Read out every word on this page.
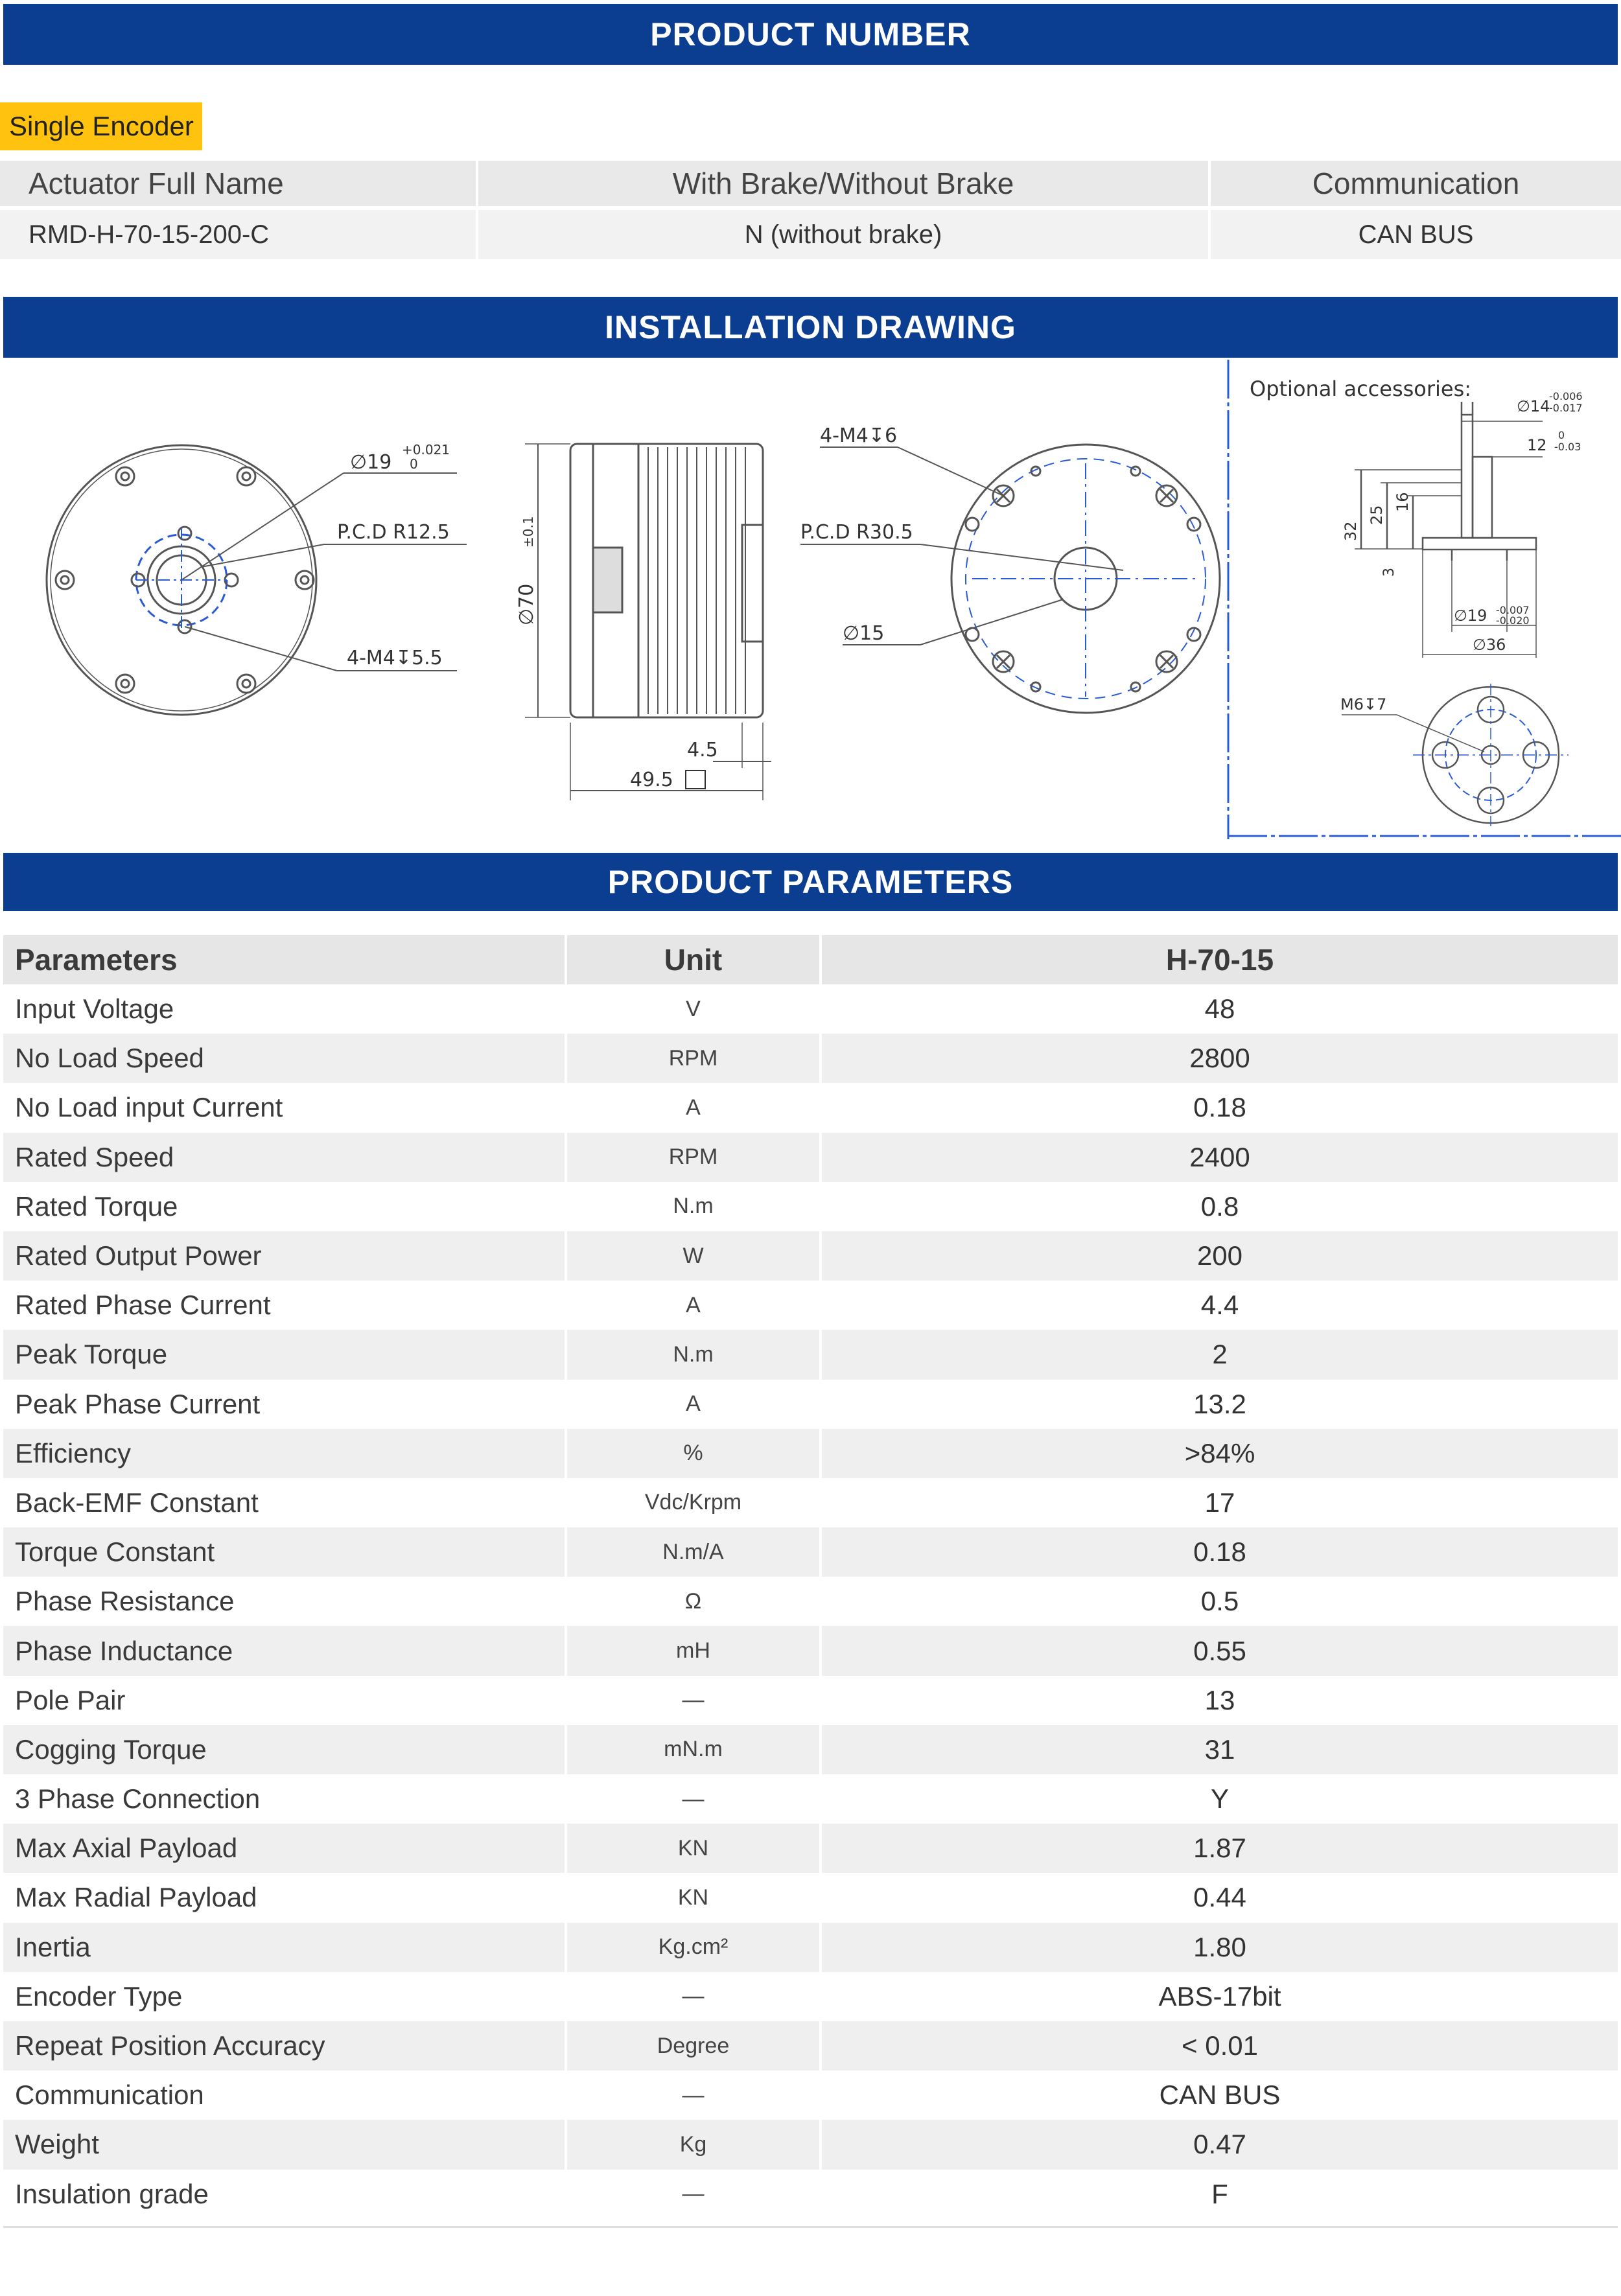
PRODUCT NUMBER
Single Encoder
Actuator Full Name	With Brake/Without Brake	Communication
RMD-H-70-15-200-C	N (without brake)	CAN BUS
INSTALLATION DRAWING
∅19
+0.021
0
P.C.D R12.5
4-M4↧5.5
∅70
±0.1
4.5
49.5
4-M4↧6
P.C.D R30.5
∅15
Optional accessories:
∅14
-0.006
-0.017
12
0
-0.03
32
25
16
3
∅19 -0.007
-0.020
∅36
M6↧7
PRODUCT PARAMETERS
Parameters	Unit	H-70-15
Input Voltage	V	48
No Load Speed	RPM	2800
No Load input Current	A	0.18
Rated Speed	RPM	2400
Rated Torque	N.m	0.8
Rated Output Power	W	200
Rated Phase Current	A	4.4
Peak Torque	N.m	2
Peak Phase Current	A	13.2
Efficiency	%	>84%
Back-EMF Constant	Vdc/Krpm	17
Torque Constant	N.m/A	0.18
Phase Resistance	Ω	0.5
Phase Inductance	mH	0.55
Pole Pair	—	13
Cogging Torque	mN.m	31
3 Phase Connection	—	Y
Max Axial Payload	KN	1.87
Max Radial Payload	KN	0.44
Inertia	Kg.cm²	1.80
Encoder Type	—	ABS-17bit
Repeat Position Accuracy	Degree	< 0.01
Communication	—	CAN BUS
Weight	Kg	0.47
Insulation grade	—	F
